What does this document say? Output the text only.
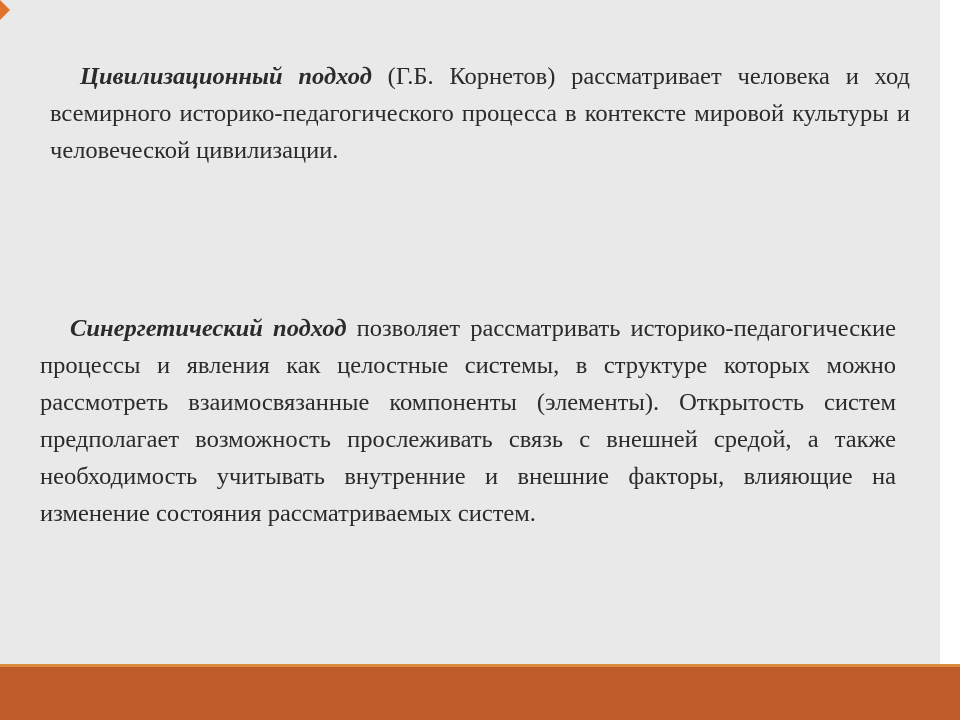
Цивилизационный подход (Г.Б. Корнетов) рассматривает человека и ход всемирного историко-педагогического процесса в контексте мировой культуры и человеческой цивилизации.

Синергетический подход позволяет рассматривать историко-педагогические процессы и явления как целостные системы, в структуре которых можно рассмотреть взаимосвязанные компоненты (элементы). Открытость систем предполагает возможность прослеживать связь с внешней средой, а также необходимость учитывать внутренние и внешние факторы, влияющие на изменение состояния рассматриваемых систем.
